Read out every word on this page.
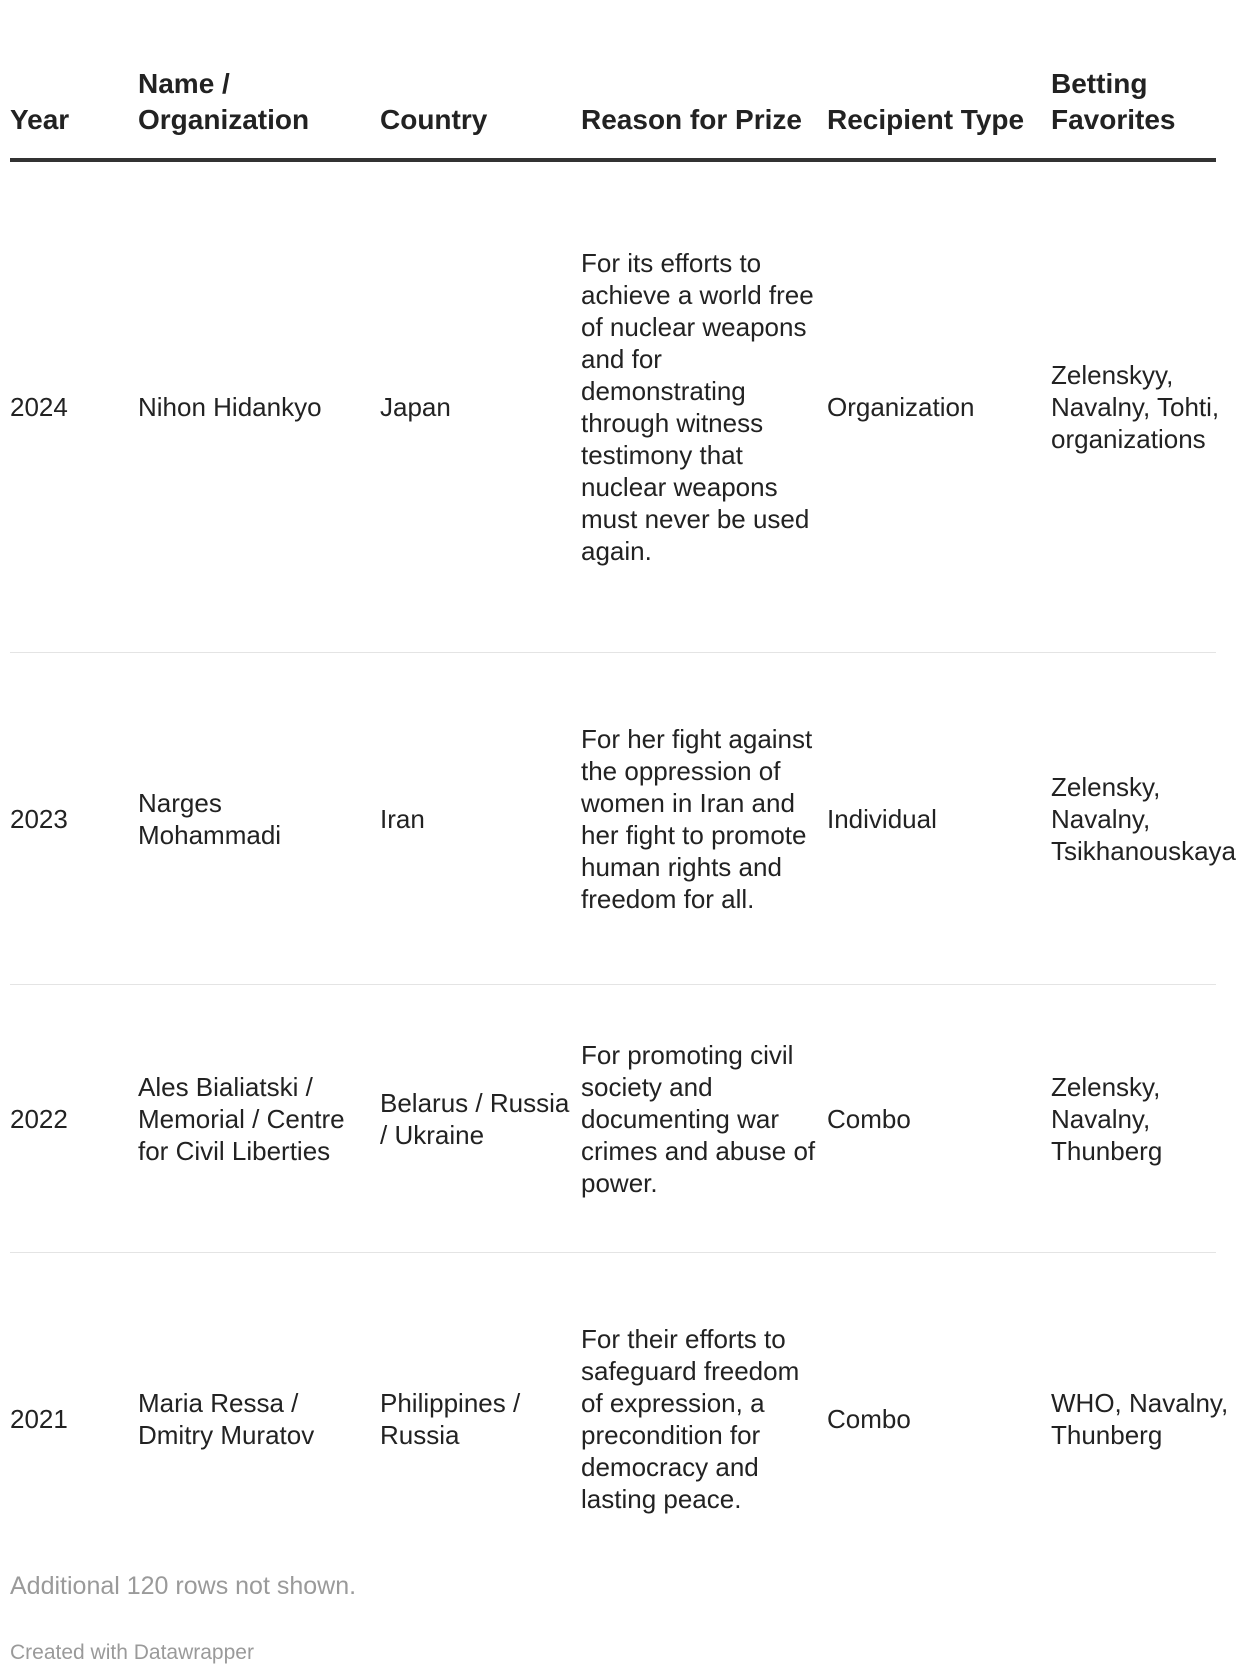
Year	Name / Organization	Country	Reason for Prize	Recipient Type	Betting Favorites
2024	Nihon Hidankyo	Japan	For its efforts to achieve a world free of nuclear weapons and for demonstrating through witness testimony that nuclear weapons must never be used again.	Organization	Zelenskyy, Navalny, Tohti, organizations

2023	Narges Mohammadi	Iran	For her fight against the oppression of women in Iran and her fight to promote human rights and freedom for all.	Individual	Zelensky, Navalny, Tsikhanouskaya

2022	Ales Bialiatski / Memorial / Centre for Civil Liberties	Belarus / Russia / Ukraine	For promoting civil society and documenting war crimes and abuse of power.	Combo	Zelensky, Navalny, Thunberg

2021	Maria Ressa / Dmitry Muratov	Philippines / Russia	For their efforts to safeguard freedom of expression, a precondition for democracy and lasting peace.	Combo	WHO, Navalny, Thunberg
Additional 120 rows not shown.
Created with Datawrapper
